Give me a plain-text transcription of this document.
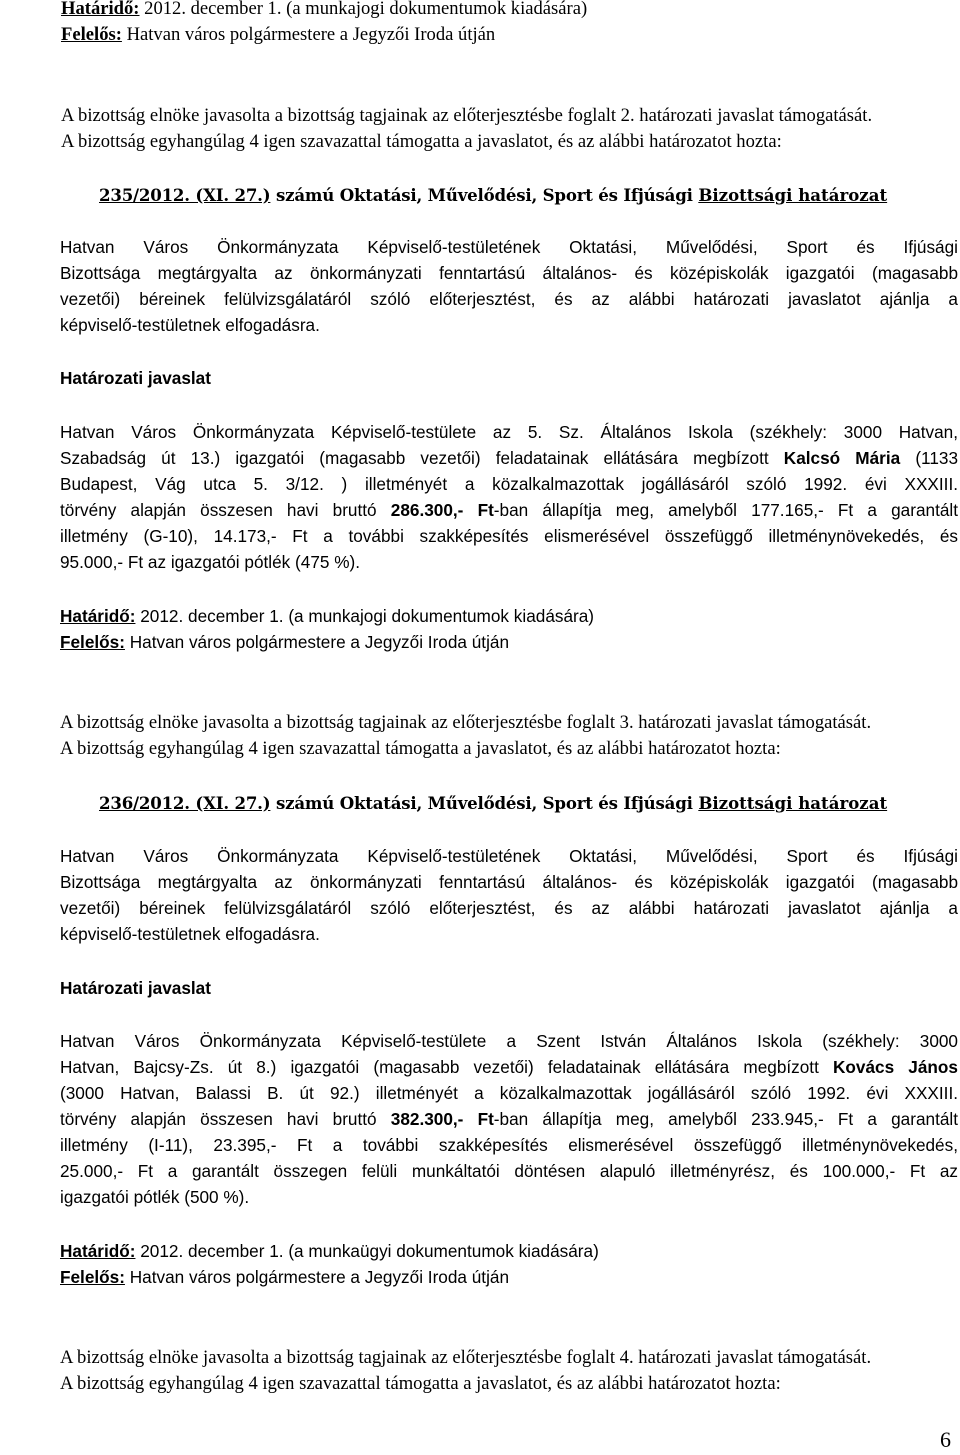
Határidő: 2012. december 1. (a munkajogi dokumentumok kiadására)
Felelős: Hatvan város polgármestere a Jegyzői Iroda útján
A bizottság elnöke javasolta a bizottság tagjainak az előterjesztésbe foglalt 2. határozati javaslat támogatását.
A bizottság egyhangúlag 4 igen szavazattal támogatta a javaslatot, és az alábbi határozatot hozta:
235/2012. (XI. 27.) számú Oktatási, Művelődési, Sport és Ifjúsági Bizottsági határozat
Hatvan Város Önkormányzata Képviselő-testületének Oktatási, Művelődési, Sport és Ifjúsági
Bizottsága megtárgyalta az önkormányzati fenntartású általános- és középiskolák igazgatói (magasabb
vezetői) béreinek felülvizsgálatáról szóló előterjesztést, és az alábbi határozati javaslatot ajánlja a
képviselő-testületnek elfogadásra.
Határozati javaslat
Hatvan Város Önkormányzata Képviselő-testülete az 5. Sz. Általános Iskola (székhely: 3000 Hatvan,
Szabadság út 13.) igazgatói (magasabb vezetői) feladatainak ellátására megbízott Kalcsó Mária (1133
Budapest, Vág utca 5. 3/12. ) illetményét a közalkalmazottak jogállásáról szóló 1992. évi XXXIII.
törvény alapján összesen havi bruttó 286.300,- Ft-ban állapítja meg, amelyből 177.165,- Ft a garantált
illetmény (G-10), 14.173,- Ft a további szakképesítés elismerésével összefüggő illetménynövekedés, és
95.000,- Ft az igazgatói pótlék (475 %).
Határidő: 2012. december 1. (a munkajogi dokumentumok kiadására)
Felelős: Hatvan város polgármestere a Jegyzői Iroda útján
A bizottság elnöke javasolta a bizottság tagjainak az előterjesztésbe foglalt 3. határozati javaslat támogatását.
A bizottság egyhangúlag 4 igen szavazattal támogatta a javaslatot, és az alábbi határozatot hozta:
236/2012. (XI. 27.) számú Oktatási, Művelődési, Sport és Ifjúsági Bizottsági határozat
Hatvan Város Önkormányzata Képviselő-testületének Oktatási, Művelődési, Sport és Ifjúsági
Bizottsága megtárgyalta az önkormányzati fenntartású általános- és középiskolák igazgatói (magasabb
vezetői) béreinek felülvizsgálatáról szóló előterjesztést, és az alábbi határozati javaslatot ajánlja a
képviselő-testületnek elfogadásra.
Határozati javaslat
Hatvan Város Önkormányzata Képviselő-testülete a Szent István Általános Iskola (székhely: 3000
Hatvan, Bajcsy-Zs. út 8.) igazgatói (magasabb vezetői) feladatainak ellátására megbízott Kovács János
(3000 Hatvan, Balassi B. út 92.) illetményét a közalkalmazottak jogállásáról szóló 1992. évi XXXIII.
törvény alapján összesen havi bruttó 382.300,- Ft-ban állapítja meg, amelyből 233.945,- Ft a garantált
illetmény (I-11), 23.395,- Ft a további szakképesítés elismerésével összefüggő illetménynövekedés,
25.000,- Ft a garantált összegen felüli munkáltatói döntésen alapuló illetményrész, és 100.000,- Ft az
igazgatói pótlék (500 %).
Határidő: 2012. december 1. (a munkaügyi dokumentumok kiadására)
Felelős: Hatvan város polgármestere a Jegyzői Iroda útján
A bizottság elnöke javasolta a bizottság tagjainak az előterjesztésbe foglalt 4. határozati javaslat támogatását.
A bizottság egyhangúlag 4 igen szavazattal támogatta a javaslatot, és az alábbi határozatot hozta:
6
